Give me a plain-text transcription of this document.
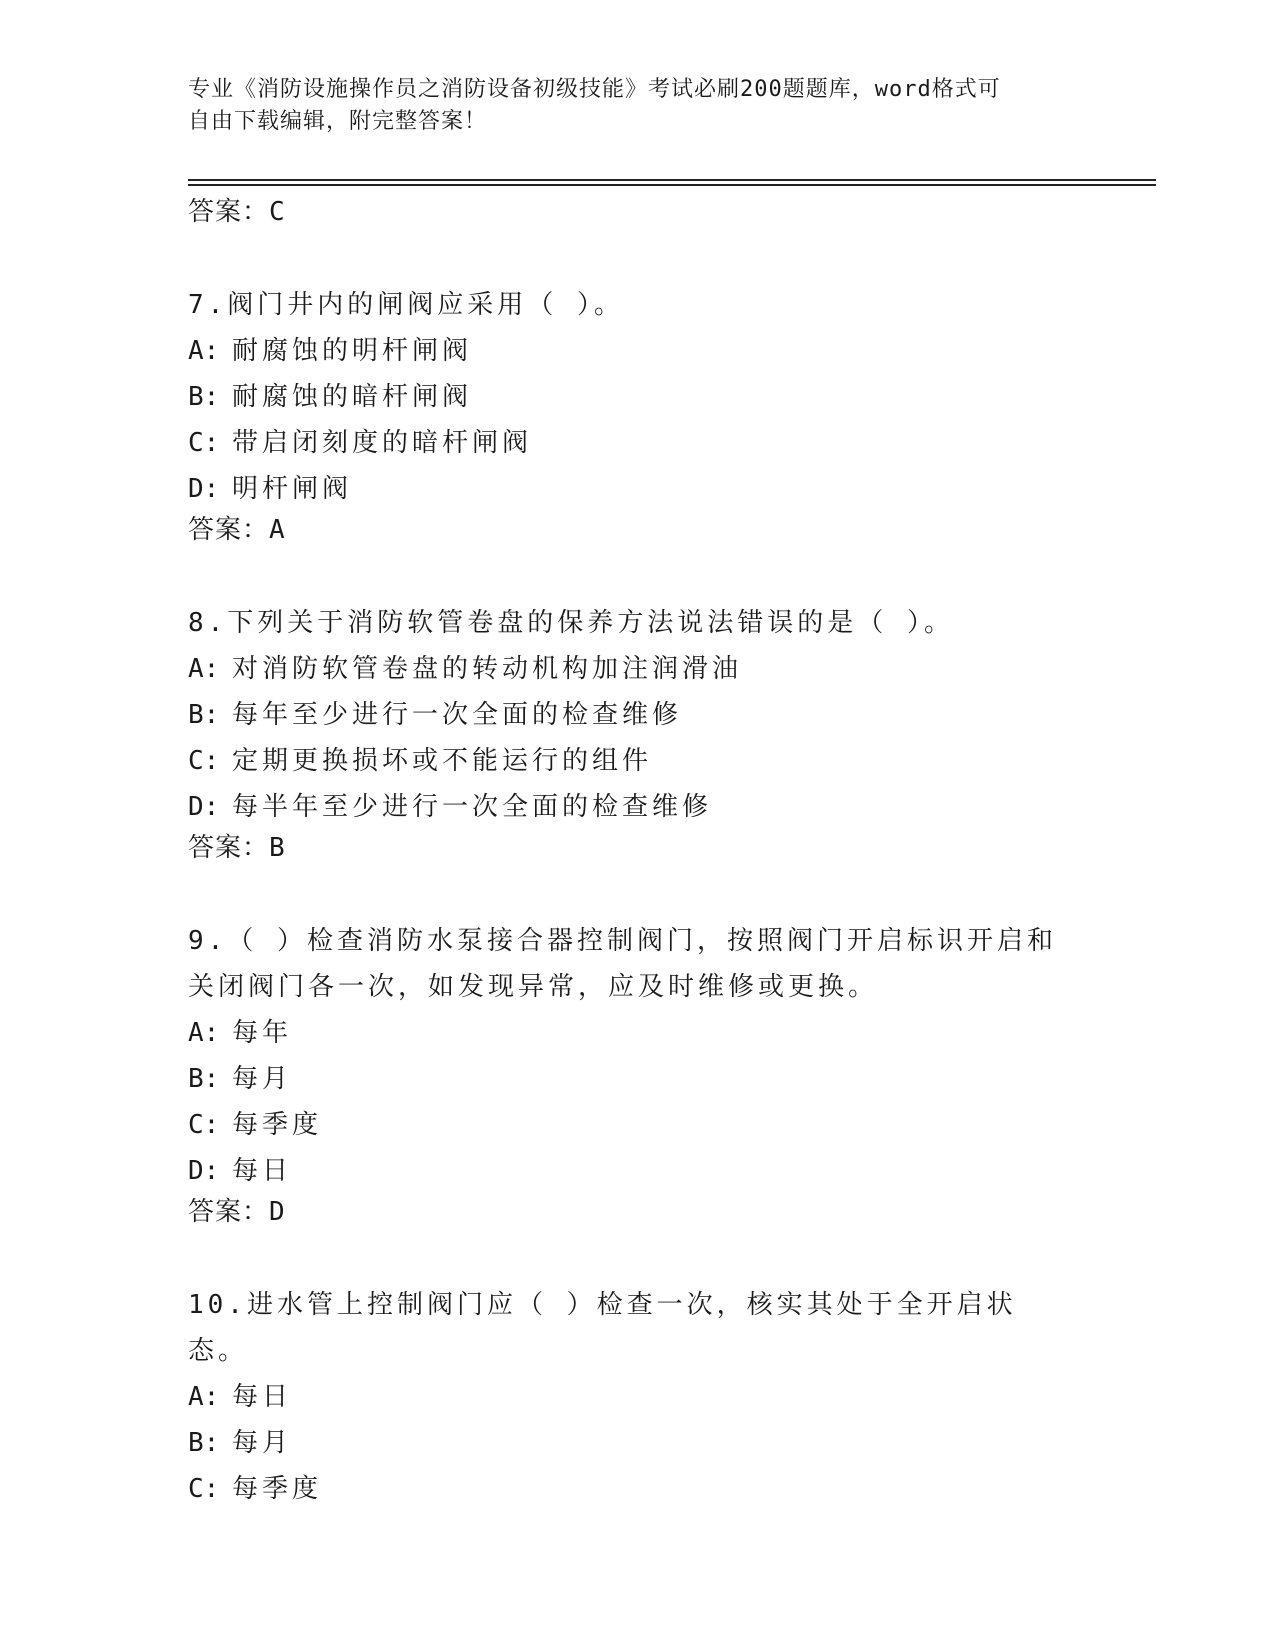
专业《消防设施操作员之消防设备初级技能》考试必刷200题题库，word格式可
自由下载编辑，附完整答案！
答案：C
7.阀门井内的闸阀应采用（ ）。
A: 耐腐蚀的明杆闸阀
B: 耐腐蚀的暗杆闸阀
C: 带启闭刻度的暗杆闸阀
D: 明杆闸阀
答案：A
8.下列关于消防软管卷盘的保养方法说法错误的是（ ）。
A: 对消防软管卷盘的转动机构加注润滑油
B: 每年至少进行一次全面的检查维修
C: 定期更换损坏或不能运行的组件
D: 每半年至少进行一次全面的检查维修
答案：B
9.（ ）检查消防水泵接合器控制阀门，按照阀门开启标识开启和关闭阀门各一次，如发现异常，应及时维修或更换。
A: 每年
B: 每月
C: 每季度
D: 每日
答案：D
10.进水管上控制阀门应（ ）检查一次，核实其处于全开启状态。
A: 每日
B: 每月
C: 每季度
